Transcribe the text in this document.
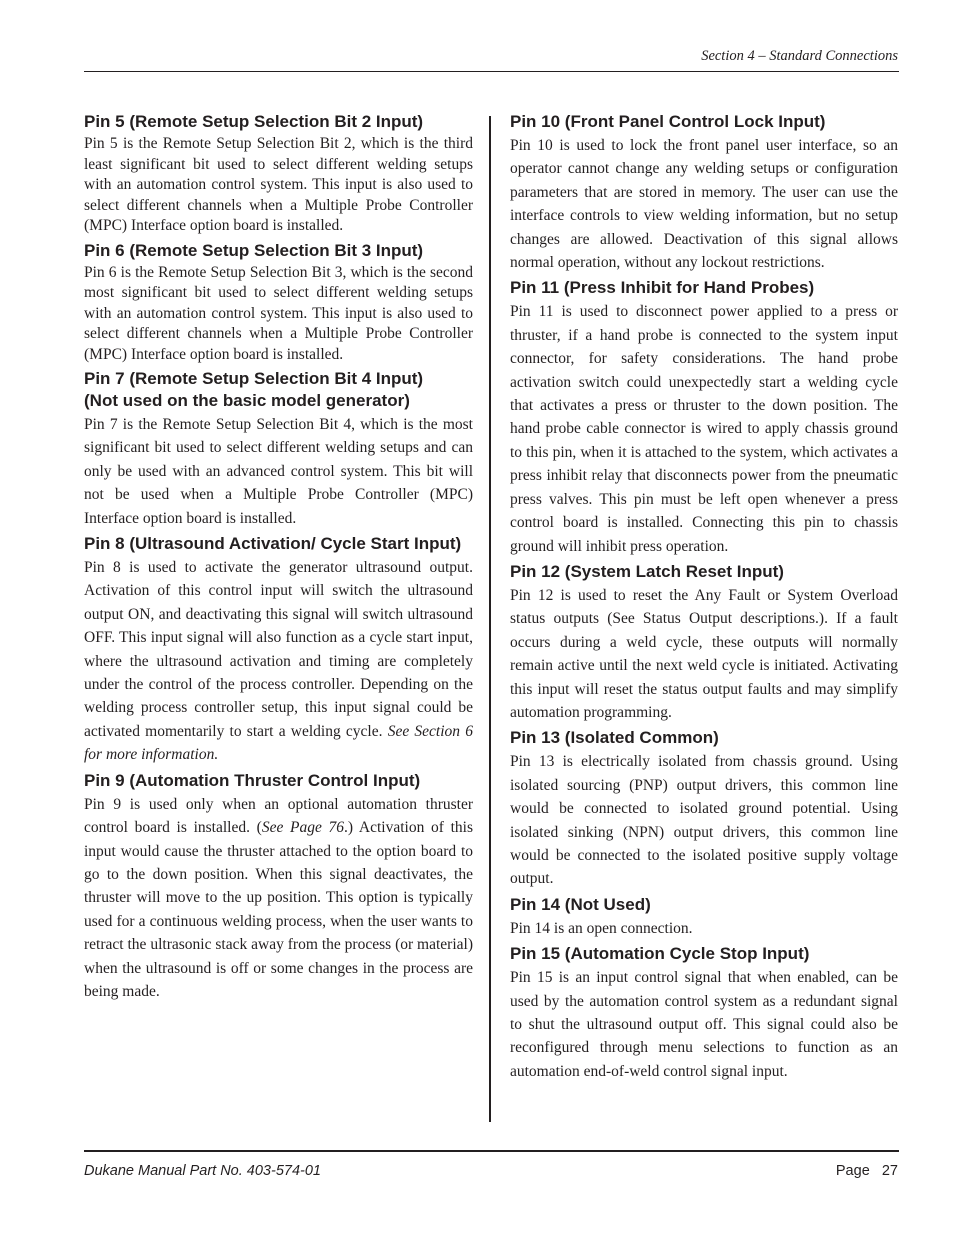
Section 4 – Standard Connections
Pin 5 (Remote Setup Selection Bit 2 Input)

Pin 5 is the Remote Setup Selection Bit 2, which is the third least significant bit used to select different welding setups with an automation control system. This input is also used to select different channels when a Multiple Probe Controller (MPC) Interface option board is installed.

Pin 6 (Remote Setup Selection Bit 3 Input)

Pin 6 is the Remote Setup Selection Bit 3, which is the second most significant bit used to select different welding setups with an automation control system. This input is also used to select different channels when a Multiple Probe Controller (MPC) Interface option board is installed.

Pin 7 (Remote Setup Selection Bit 4 Input)
(Not used on the basic model generator)

Pin 7 is the Remote Setup Selection Bit 4, which is the most significant bit used to select different welding setups and can only be used with an advanced control system. This bit will not be used when a Multiple Probe Controller (MPC) Interface option board is installed.

Pin 8 (Ultrasound Activation/ Cycle Start Input)

Pin 8 is used to activate the generator ultrasound output. Activation of this control input will switch the ultrasound output ON, and deactivating this signal will switch ultrasound OFF. This input signal will also function as a cycle start input, where the ultrasound activation and timing are completely under the control of the process controller. Depending on the welding process controller setup, this input signal could be activated momentarily to start a welding cycle. See Section 6 for more information.

Pin 9 (Automation Thruster Control Input)

Pin 9 is used only when an optional automation thruster control board is installed. (See Page 76.) Activation of this input would cause the thruster attached to the option board to go to the down position. When this signal deactivates, the thruster will move to the up position. This option is typically used for a continuous welding process, when the user wants to retract the ultrasonic stack away from the process (or material) when the ultrasound is off or some changes in the process are being made.

Pin 10 (Front Panel Control Lock Input)

Pin 10 is used to lock the front panel user interface, so an operator cannot change any welding setups or configuration parameters that are stored in memory. The user can use the interface controls to view welding information, but no setup changes are allowed. Deactivation of this signal allows normal operation, without any lockout restrictions.

Pin 11 (Press Inhibit for Hand Probes)

Pin 11 is used to disconnect power applied to a press or thruster, if a hand probe is connected to the system input connector, for safety considerations. The hand probe activation switch could unexpectedly start a welding cycle that activates a press or thruster to the down position. The hand probe cable connector is wired to apply chassis ground to this pin, when it is attached to the system, which activates a press inhibit relay that disconnects power from the pneumatic press valves. This pin must be left open whenever a press control board is installed. Connecting this pin to chassis ground will inhibit press operation.

Pin 12 (System Latch Reset Input)

Pin 12 is used to reset the Any Fault or System Overload status outputs (See Status Output descriptions.). If a fault occurs during a weld cycle, these outputs will normally remain active until the next weld cycle is initiated. Activating this input will reset the status output faults and may simplify automation programming.

Pin 13 (Isolated Common)

Pin 13 is electrically isolated from chassis ground. Using isolated sourcing (PNP) output drivers, this common line would be connected to isolated ground potential. Using isolated sinking (NPN) output drivers, this common line would be connected to the isolated positive supply voltage output.

Pin 14 (Not Used)

Pin 14 is an open connection.

Pin 15 (Automation Cycle Stop Input)

Pin 15 is an input control signal that when enabled, can be used by the automation control system as a redundant signal to shut the ultrasound output off. This signal could also be reconfigured through menu selections to function as an automation end-of-weld control signal input.

Dukane Manual Part No. 403-574-01	Page 27
